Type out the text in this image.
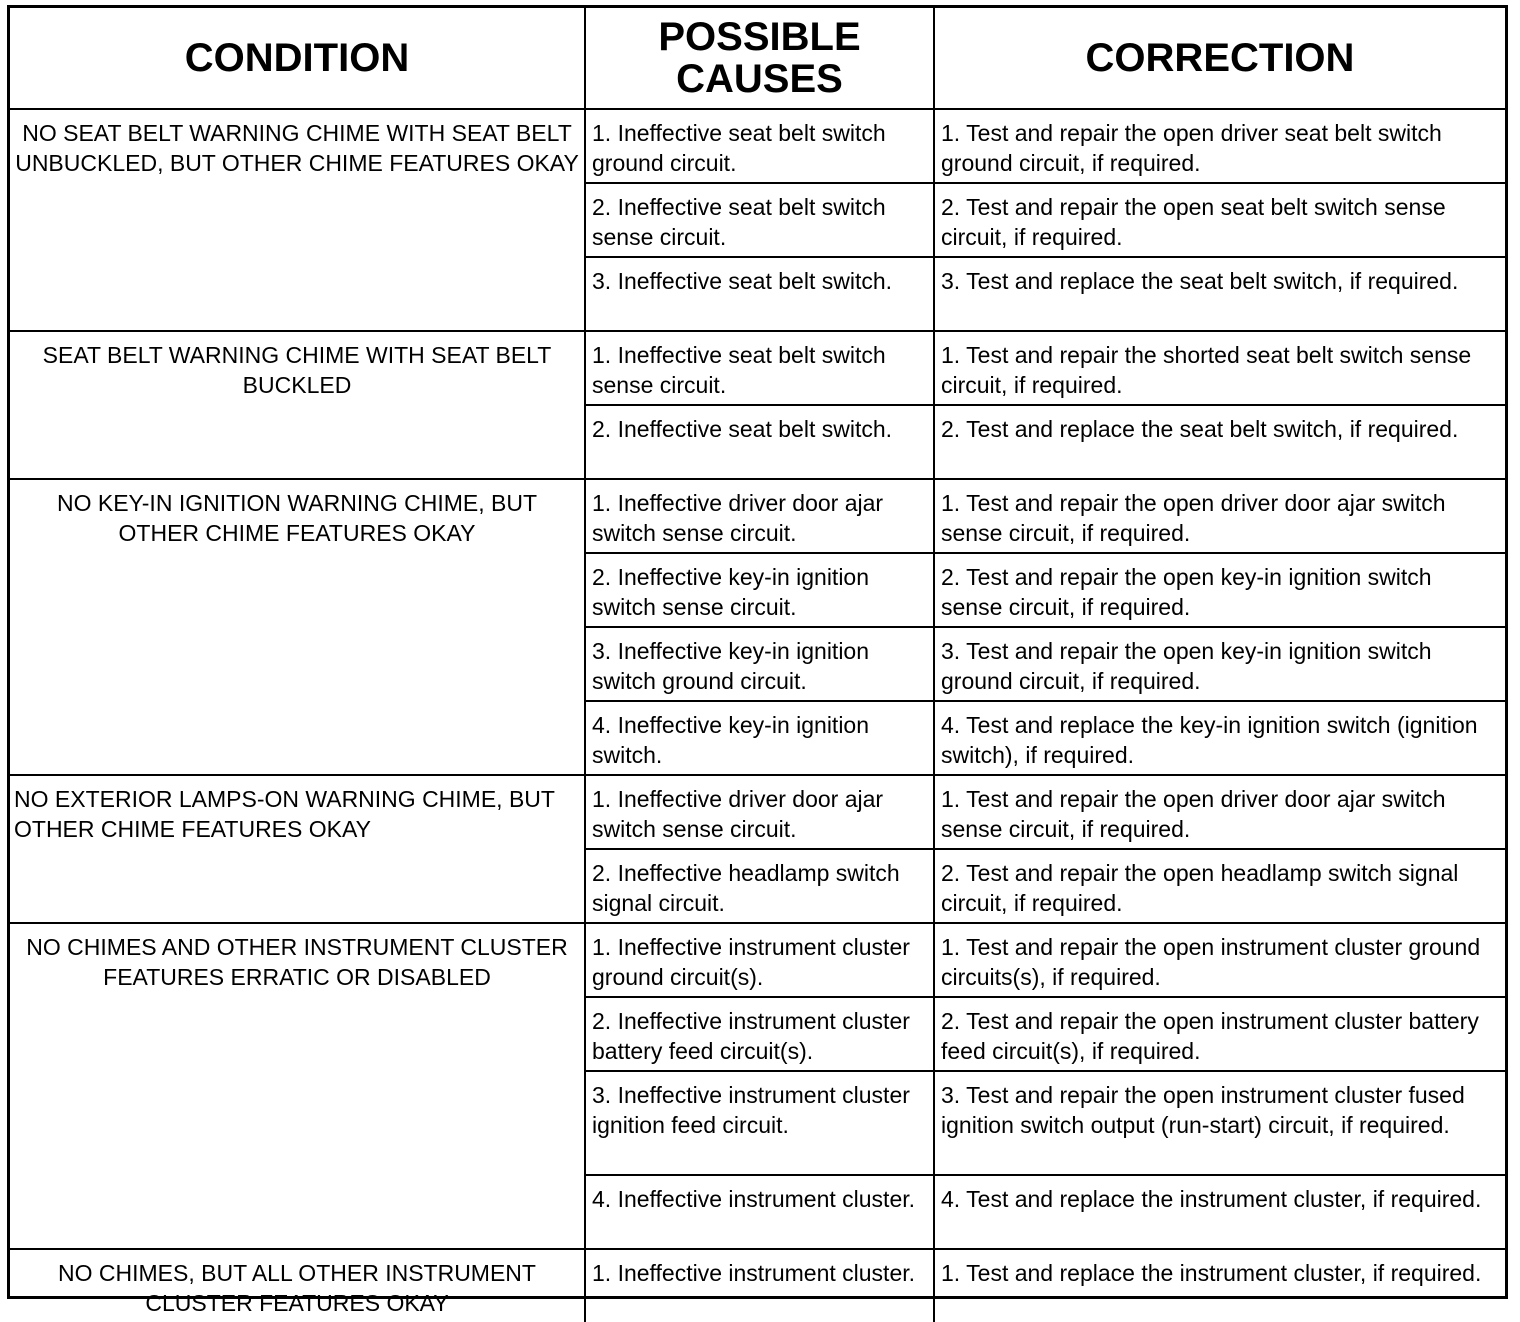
CONDITION	POSSIBLE CAUSES	CORRECTION
NO SEAT BELT WARNING CHIME WITH SEAT BELT UNBUCKLED, BUT OTHER CHIME FEATURES OKAY	1. Ineffective seat belt switch ground circuit.	1. Test and repair the open driver seat belt switch ground circuit, if required.
	2. Ineffective seat belt switch sense circuit.	2. Test and repair the open seat belt switch sense circuit, if required.
	3. Ineffective seat belt switch.	3. Test and replace the seat belt switch, if required.
SEAT BELT WARNING CHIME WITH SEAT BELT BUCKLED	1. Ineffective seat belt switch sense circuit.	1. Test and repair the shorted seat belt switch sense circuit, if required.
	2. Ineffective seat belt switch.	2. Test and replace the seat belt switch, if required.
NO KEY-IN IGNITION WARNING CHIME, BUT OTHER CHIME FEATURES OKAY	1. Ineffective driver door ajar switch sense circuit.	1. Test and repair the open driver door ajar switch sense circuit, if required.
	2. Ineffective key-in ignition switch sense circuit.	2. Test and repair the open key-in ignition switch sense circuit, if required.
	3. Ineffective key-in ignition switch ground circuit.	3. Test and repair the open key-in ignition switch ground circuit, if required.
	4. Ineffective key-in ignition switch.	4. Test and replace the key-in ignition switch (ignition switch), if required.
NO EXTERIOR LAMPS-ON WARNING CHIME, BUT OTHER CHIME FEATURES OKAY	1. Ineffective driver door ajar switch sense circuit.	1. Test and repair the open driver door ajar switch sense circuit, if required.
	2. Ineffective headlamp switch signal circuit.	2. Test and repair the open headlamp switch signal circuit, if required.
NO CHIMES AND OTHER INSTRUMENT CLUSTER FEATURES ERRATIC OR DISABLED	1. Ineffective instrument cluster ground circuit(s).	1. Test and repair the open instrument cluster ground circuits(s), if required.
	2. Ineffective instrument cluster battery feed circuit(s).	2. Test and repair the open instrument cluster battery feed circuit(s), if required.
	3. Ineffective instrument cluster ignition feed circuit.	3. Test and repair the open instrument cluster fused ignition switch output (run-start) circuit, if required.
	4. Ineffective instrument cluster.	4. Test and replace the instrument cluster, if required.
NO CHIMES, BUT ALL OTHER INSTRUMENT CLUSTER FEATURES OKAY	1. Ineffective instrument cluster.	1. Test and replace the instrument cluster, if required.
